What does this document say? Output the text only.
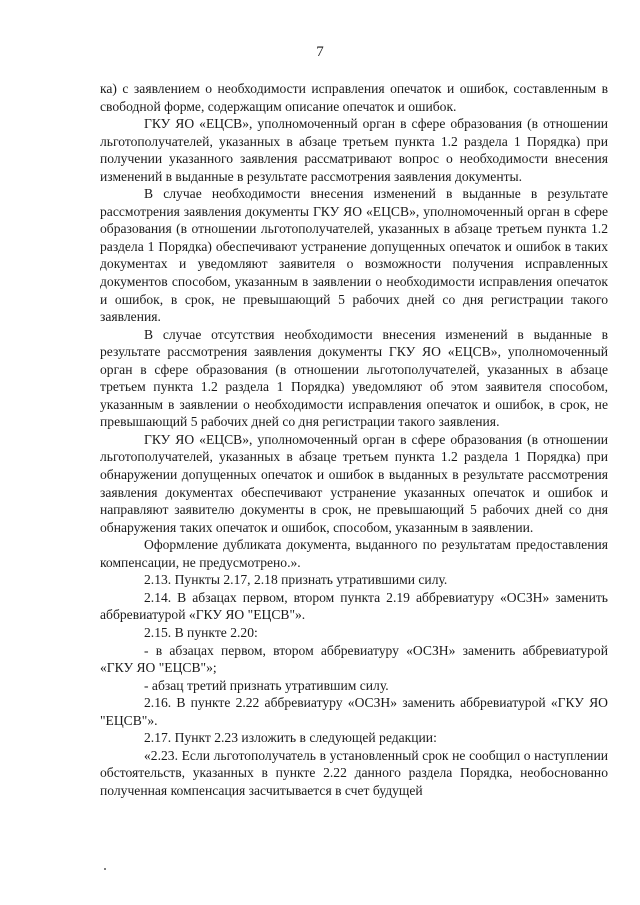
7

ка) с заявлением о необходимости исправления опечаток и ошибок, составленным в свободной форме, содержащим описание опечаток и ошибок.

ГКУ ЯО «ЕЦСВ», уполномоченный орган в сфере образования (в отношении льготополучателей, указанных в абзаце третьем пункта 1.2 раздела 1 Порядка) при получении указанного заявления рассматривают вопрос о необходимости внесения изменений в выданные в результате рассмотрения заявления документы.

В случае необходимости внесения изменений в выданные в результате рассмотрения заявления документы ГКУ ЯО «ЕЦСВ», уполномоченный орган в сфере образования (в отношении льготополучателей, указанных в абзаце третьем пункта 1.2 раздела 1 Порядка) обеспечивают устранение допущенных опечаток и ошибок в таких документах и уведомляют заявителя о возможности получения исправленных документов способом, указанным в заявлении о необходимости исправления опечаток и ошибок, в срок, не превышающий 5 рабочих дней со дня регистрации такого заявления.

В случае отсутствия необходимости внесения изменений в выданные в результате рассмотрения заявления документы ГКУ ЯО «ЕЦСВ», уполномоченный орган в сфере образования (в отношении льготополучателей, указанных в абзаце третьем пункта 1.2 раздела 1 Порядка) уведомляют об этом заявителя способом, указанным в заявлении о необходимости исправления опечаток и ошибок, в срок, не превышающий 5 рабочих дней со дня регистрации такого заявления.

ГКУ ЯО «ЕЦСВ», уполномоченный орган в сфере образования (в отношении льготополучателей, указанных в абзаце третьем пункта 1.2 раздела 1 Порядка) при обнаружении допущенных опечаток и ошибок в выданных в результате рассмотрения заявления документах обеспечивают устранение указанных опечаток и ошибок и направляют заявителю документы в срок, не превышающий 5 рабочих дней со дня обнаружения таких опечаток и ошибок, способом, указанным в заявлении.

Оформление дубликата документа, выданного по результатам предоставления компенсации, не предусмотрено.».

2.13. Пункты 2.17, 2.18 признать утратившими силу.

2.14. В абзацах первом, втором пункта 2.19 аббревиатуру «ОСЗН» заменить аббревиатурой «ГКУ ЯО "ЕЦСВ"».

2.15. В пункте 2.20:

- в абзацах первом, втором аббревиатуру «ОСЗН» заменить аббревиатурой «ГКУ ЯО "ЕЦСВ"»;

- абзац третий признать утратившим силу.

2.16. В пункте 2.22 аббревиатуру «ОСЗН» заменить аббревиатурой «ГКУ ЯО "ЕЦСВ"».

2.17. Пункт 2.23 изложить в следующей редакции:

«2.23. Если льготополучатель в установленный срок не сообщил о наступлении обстоятельств, указанных в пункте 2.22 данного раздела Порядка, необоснованно полученная компенсация засчитывается в счет будущей
